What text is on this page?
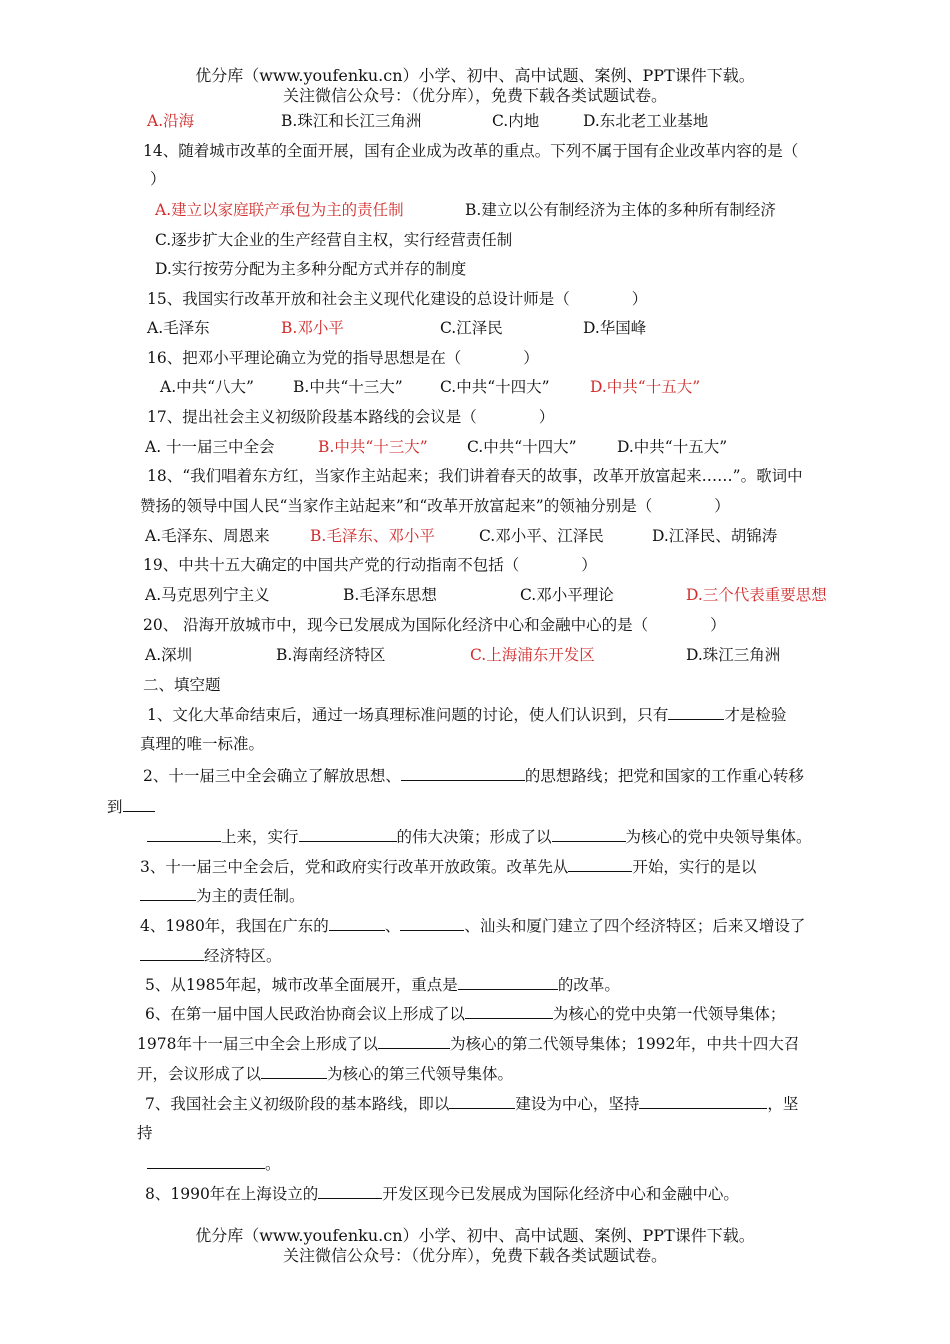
优分库（www.youfenku.cn）小学、初中、高中试题、案例、PPT课件下载。
关注微信公众号：（优分库），免费下载各类试题试卷。
A.沿海	B.珠江和长江三角洲	C.内地	D.东北老工业基地
14、随着城市改革的全面开展，国有企业成为改革的重点。下列不属于国有企业改革内容的是（
）
A.建立以家庭联产承包为主的责任制	B.建立以公有制经济为主体的多种所有制经济
C.逐步扩大企业的生产经营自主权，实行经营责任制
D.实行按劳分配为主多种分配方式并存的制度
15、我国实行改革开放和社会主义现代化建设的总设计师是（　　　　）
A.毛泽东	B.邓小平	C.江泽民	D.华国峰
16、把邓小平理论确立为党的指导思想是在（　　　　）
A.中共“八大”	B.中共“十三大” C.中共“十四大”	D.中共“十五大”
17、提出社会主义初级阶段基本路线的会议是（　　　　）
A. 十一届三中全会	B.中共“十三大”	C.中共“十四大”	D.中共“十五大”
18、“我们唱着东方红，当家作主站起来；我们讲着春天的故事，改革开放富起来……”。歌词中
赞扬的领导中国人民“当家作主站起来”和“改革开放富起来”的领袖分别是（　　　　）
A.毛泽东、周恩来	B.毛泽东、邓小平	C.邓小平、江泽民	D.江泽民、胡锦涛
19、中共十五大确定的中国共产党的行动指南不包括（　　　　）
A.马克思列宁主义	B.毛泽东思想	C.邓小平理论	D.三个代表重要思想
20、 沿海开放城市中，现今已发展成为国际化经济中心和金融中心的是（　　　　）
A.深圳	B.海南经济特区	C.上海浦东开发区	D.珠江三角洲
二、填空题
1、文化大革命结束后，通过一场真理标准问题的讨论，使人们认识到，只有	才是检验
真理的唯一标准。
2、十一届三中全会确立了解放思想、	的思想路线；把党和国家的工作重心转移
到
上来，实行	的伟大决策；形成了以	为核心的党中央领导集体。
3、十一届三中全会后，党和政府实行改革开放政策。改革先从	开始，实行的是以
为主的责任制。
4、1980年，我国在广东的	、	、汕头和厦门建立了四个经济特区；后来又增设了
经济特区。
5、从1985年起，城市改革全面展开，重点是	的改革。
6、在第一届中国人民政治协商会议上形成了以	为核心的党中央第一代领导集体；
1978年十一届三中全会上形成了以	为核心的第二代领导集体；1992年，中共十四大召
开，会议形成了以	为核心的第三代领导集体。
7、我国社会主义初级阶段的基本路线，即以	建设为中心，坚持	，坚
持
。
8、1990年在上海设立的	开发区现今已发展成为国际化经济中心和金融中心。
优分库（www.youfenku.cn）小学、初中、高中试题、案例、PPT课件下载。
关注微信公众号：（优分库），免费下载各类试题试卷。
